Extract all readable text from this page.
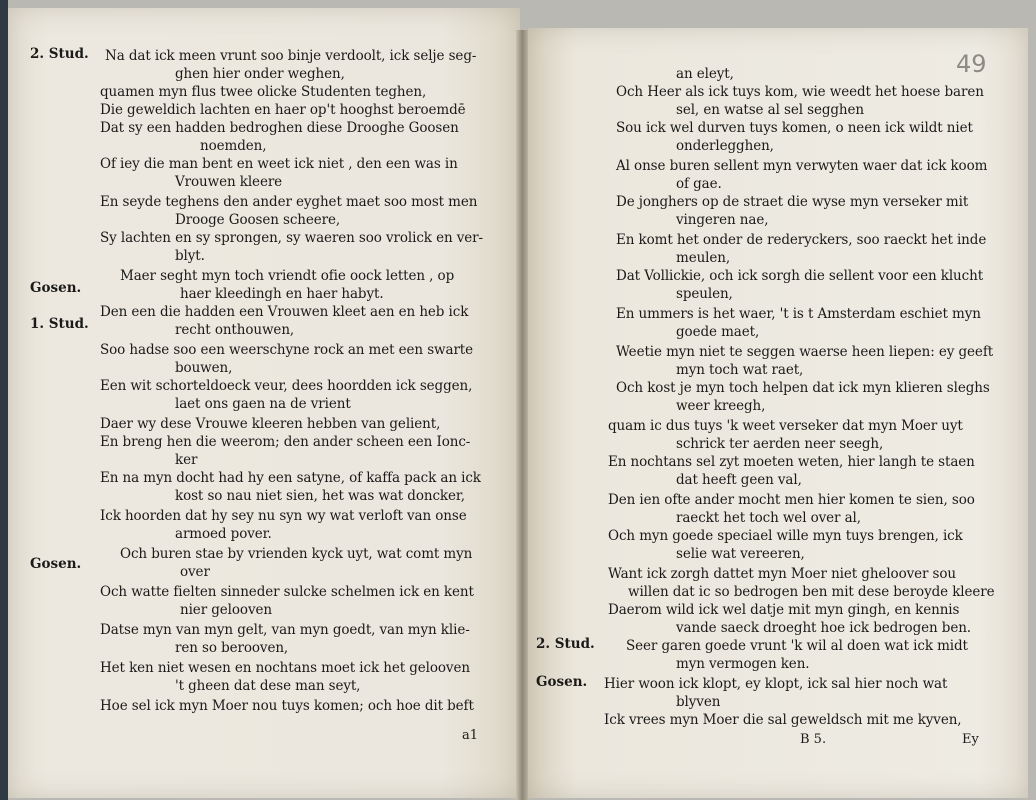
2. Stud.
Gosen.
1. Stud.
Gosen.
Na dat ick meen vrunt soo binje verdoolt, ick selje seg-
ghen hier onder weghen,
quamen myn flus twee olicke Studenten teghen,
Die geweldich lachten en haer op't hooghst beroemdē
Dat sy een hadden bedroghen diese Drooghe Goosen
noemden,
Of iey die man bent en weet ick niet , den een was in
Vrouwen kleere
En seyde teghens den ander eyghet maet soo most men
Drooge Goosen scheere,
Sy lachten en sy sprongen, sy waeren soo vrolick en ver-
blyt.
Maer seght myn toch vriendt ofie oock letten , op
haer kleedingh en haer habyt.
Den een die hadden een Vrouwen kleet aen en heb ick
recht onthouwen,
Soo hadse soo een weerschyne rock an met een swarte
bouwen,
Een wit schorteldoeck veur, dees hoordden ick seggen,
laet ons gaen na de vrient
Daer wy dese Vrouwe kleeren hebben van gelient,
En breng hen die weerom; den ander scheen een Ionc-
ker
En na myn docht had hy een satyne, of kaffa pack an ick
kost so nau niet sien, het was wat doncker,
Ick hoorden dat hy sey nu syn wy wat verloft van onse
armoed pover.
Och buren stae by vrienden kyck uyt, wat comt myn
over
Och watte fielten sinneder sulcke schelmen ick en kent
nier gelooven
Datse myn van myn gelt, van myn goedt, van myn klie-
ren so berooven,
Het ken niet wesen en nochtans moet ick het gelooven
't gheen dat dese man seyt,
Hoe sel ick myn Moer nou tuys komen; och hoe dit beft
a1
49
2. Stud.
Gosen.
an eleyt,
Och Heer als ick tuys kom, wie weedt het hoese baren
sel, en watse al sel segghen
Sou ick wel durven tuys komen, o neen ick wildt niet
onderlegghen,
Al onse buren sellent myn verwyten waer dat ick koom
of gae.
De jonghers op de straet die wyse myn verseker mit
vingeren nae,
En komt het onder de rederyckers, soo raeckt het inde
meulen,
Dat Vollickie, och ick sorgh die sellent voor een klucht
speulen,
En ummers is het waer, 't is t Amsterdam eschiet myn
goede maet,
Weetie myn niet te seggen waerse heen liepen: ey geeft
myn toch wat raet,
Och kost je myn toch helpen dat ick myn klieren sleghs
weer kreegh,
quam ic dus tuys 'k weet verseker dat myn Moer uyt
schrick ter aerden neer seegh,
En nochtans sel zyt moeten weten, hier langh te staen
dat heeft geen val,
Den ien ofte ander mocht men hier komen te sien, soo
raeckt het toch wel over al,
Och myn goede speciael wille myn tuys brengen, ick
selie wat vereeren,
Want ick zorgh dattet myn Moer niet gheloover sou
willen dat ic so bedrogen ben mit dese beroyde kleere
Daerom wild ick wel datje mit myn gingh, en kennis
vande saeck droeght hoe ick bedrogen ben.
Seer garen goede vrunt 'k wil al doen wat ick midt
myn vermogen ken.
Hier woon ick klopt, ey klopt, ick sal hier noch wat
blyven
Ick vrees myn Moer die sal geweldsch mit me kyven,
B 5.	Ey
